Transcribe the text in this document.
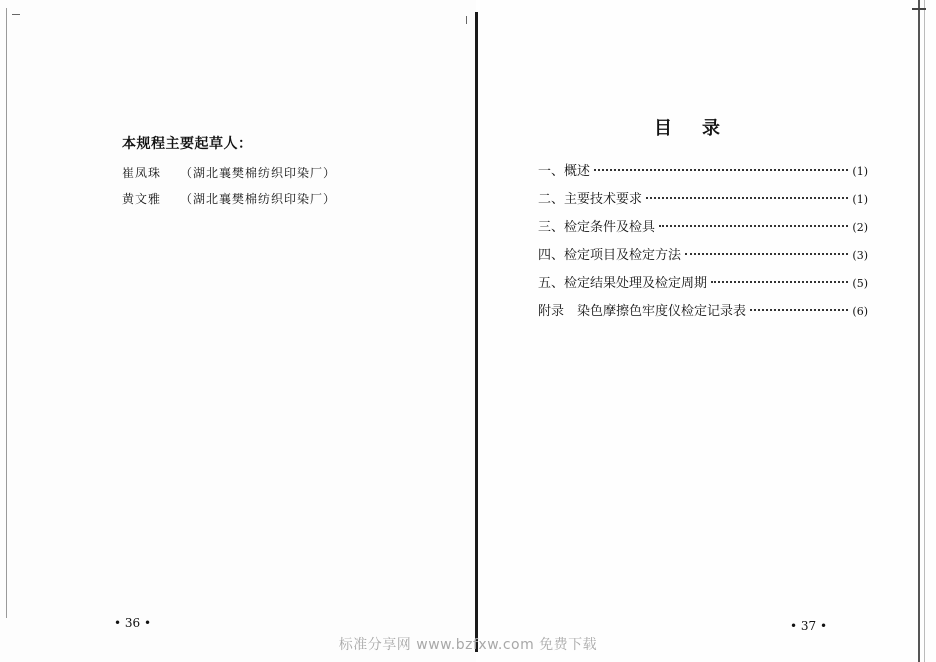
本规程主要起草人：
崔凤珠 （湖北襄樊棉纺织印染厂）
黄文雅 （湖北襄樊棉纺织印染厂）
• 36 •
目录
一、概述	(1)
二、主要技术要求	(1)
三、检定条件及检具	(2)
四、检定项目及检定方法	(3)
五、检定结果处理及检定周期	(5)
附录　染色摩擦色牢度仪检定记录表	(6)
• 37 •
标准分享网 www.bzfxw.com 免费下载
